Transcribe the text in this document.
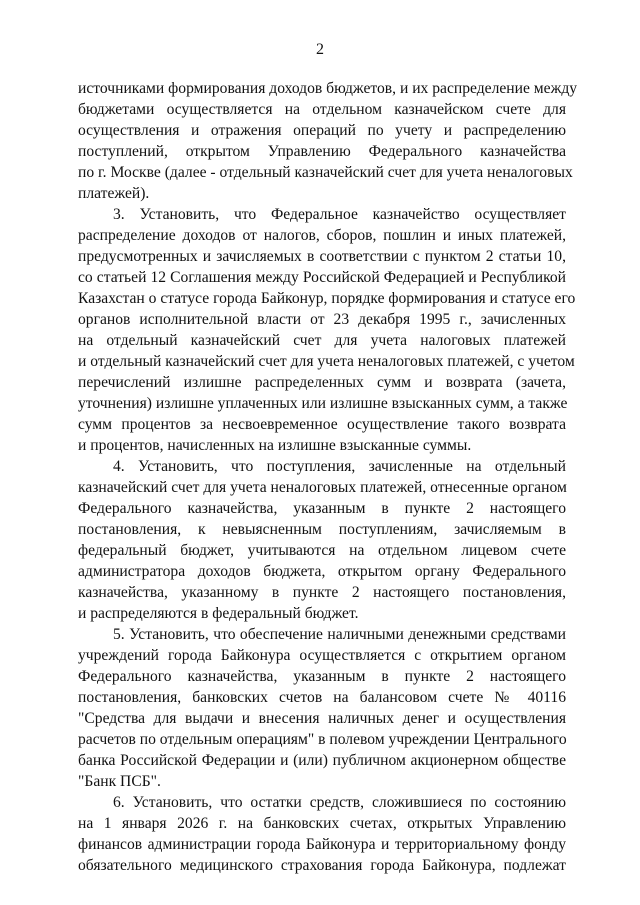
2
источниками формирования доходов бюджетов, и их распределение между
бюджетами осуществляется на отдельном казначейском счете для
осуществления и отражения операций по учету и распределению
поступлений, открытом Управлению Федерального казначейства
по г. Москве (далее - отдельный казначейский счет для учета неналоговых
платежей).
3. Установить, что Федеральное казначейство осуществляет
распределение доходов от налогов, сборов, пошлин и иных платежей,
предусмотренных и зачисляемых в соответствии с пунктом 2 статьи 10,
со статьей 12 Соглашения между Российской Федерацией и Республикой
Казахстан о статусе города Байконур, порядке формирования и статусе его
органов исполнительной власти от 23 декабря 1995 г., зачисленных
на отдельный казначейский счет для учета налоговых платежей
и отдельный казначейский счет для учета неналоговых платежей, с учетом
перечислений излишне распределенных сумм и возврата (зачета,
уточнения) излишне уплаченных или излишне взысканных сумм, а также
сумм процентов за несвоевременное осуществление такого возврата
и процентов, начисленных на излишне взысканные суммы.
4. Установить, что поступления, зачисленные на отдельный
казначейский счет для учета неналоговых платежей, отнесенные органом
Федерального казначейства, указанным в пункте 2 настоящего
постановления, к невыясненным поступлениям, зачисляемым в
федеральный бюджет, учитываются на отдельном лицевом счете
администратора доходов бюджета, открытом органу Федерального
казначейства, указанному в пункте 2 настоящего постановления,
и распределяются в федеральный бюджет.
5. Установить, что обеспечение наличными денежными средствами
учреждений города Байконура осуществляется с открытием органом
Федерального казначейства, указанным в пункте 2 настоящего
постановления, банковских счетов на балансовом счете № 40116
"Средства для выдачи и внесения наличных денег и осуществления
расчетов по отдельным операциям" в полевом учреждении Центрального
банка Российской Федерации и (или) публичном акционерном обществе
"Банк ПСБ".
6. Установить, что остатки средств, сложившиеся по состоянию
на 1 января 2026 г. на банковских счетах, открытых Управлению
финансов администрации города Байконура и территориальному фонду
обязательного медицинского страхования города Байконура, подлежат
